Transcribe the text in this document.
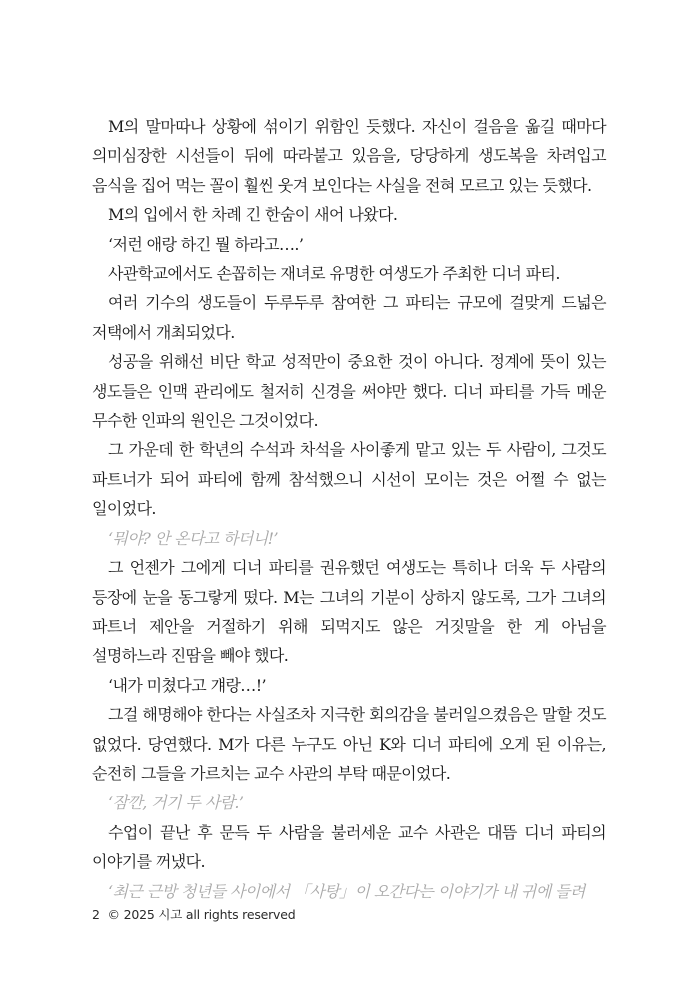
M의 말마따나 상황에 섞이기 위함인 듯했다. 자신이 걸음을 옮길 때마다 의미심장한 시선들이 뒤에 따라붙고 있음을, 당당하게 생도복을 차려입고 음식을 집어 먹는 꼴이 훨씬 웃겨 보인다는 사실을 전혀 모르고 있는 듯했다.

M의 입에서 한 차례 긴 한숨이 새어 나왔다.

‘저런 애랑 하긴 뭘 하라고….’

사관학교에서도 손꼽히는 재녀로 유명한 여생도가 주최한 디너 파티.

여러 기수의 생도들이 두루두루 참여한 그 파티는 규모에 걸맞게 드넓은 저택에서 개최되었다.

성공을 위해선 비단 학교 성적만이 중요한 것이 아니다. 정계에 뜻이 있는 생도들은 인맥 관리에도 철저히 신경을 써야만 했다. 디너 파티를 가득 메운 무수한 인파의 원인은 그것이었다.

그 가운데 한 학년의 수석과 차석을 사이좋게 맡고 있는 두 사람이, 그것도 파트너가 되어 파티에 함께 참석했으니 시선이 모이는 것은 어쩔 수 없는 일이었다.

‘뭐야? 안 온다고 하더니!’

그 언젠가 그에게 디너 파티를 권유했던 여생도는 특히나 더욱 두 사람의 등장에 눈을 동그랗게 떴다. M는 그녀의 기분이 상하지 않도록, 그가 그녀의 파트너 제안을 거절하기 위해 되먹지도 않은 거짓말을 한 게 아님을 설명하느라 진땀을 빼야 했다.

‘내가 미쳤다고 걔랑…!’

그걸 해명해야 한다는 사실조차 지극한 회의감을 불러일으켰음은 말할 것도 없었다. 당연했다. M가 다른 누구도 아닌 K와 디너 파티에 오게 된 이유는, 순전히 그들을 가르치는 교수 사관의 부탁 때문이었다.

‘잠깐, 거기 두 사람.’

수업이 끝난 후 문득 두 사람을 불러세운 교수 사관은 대뜸 디너 파티의 이야기를 꺼냈다.

‘최근 근방 청년들 사이에서 「사탕」이 오간다는 이야기가 내 귀에 들려

2 © 2025 시고 all rights reserved
